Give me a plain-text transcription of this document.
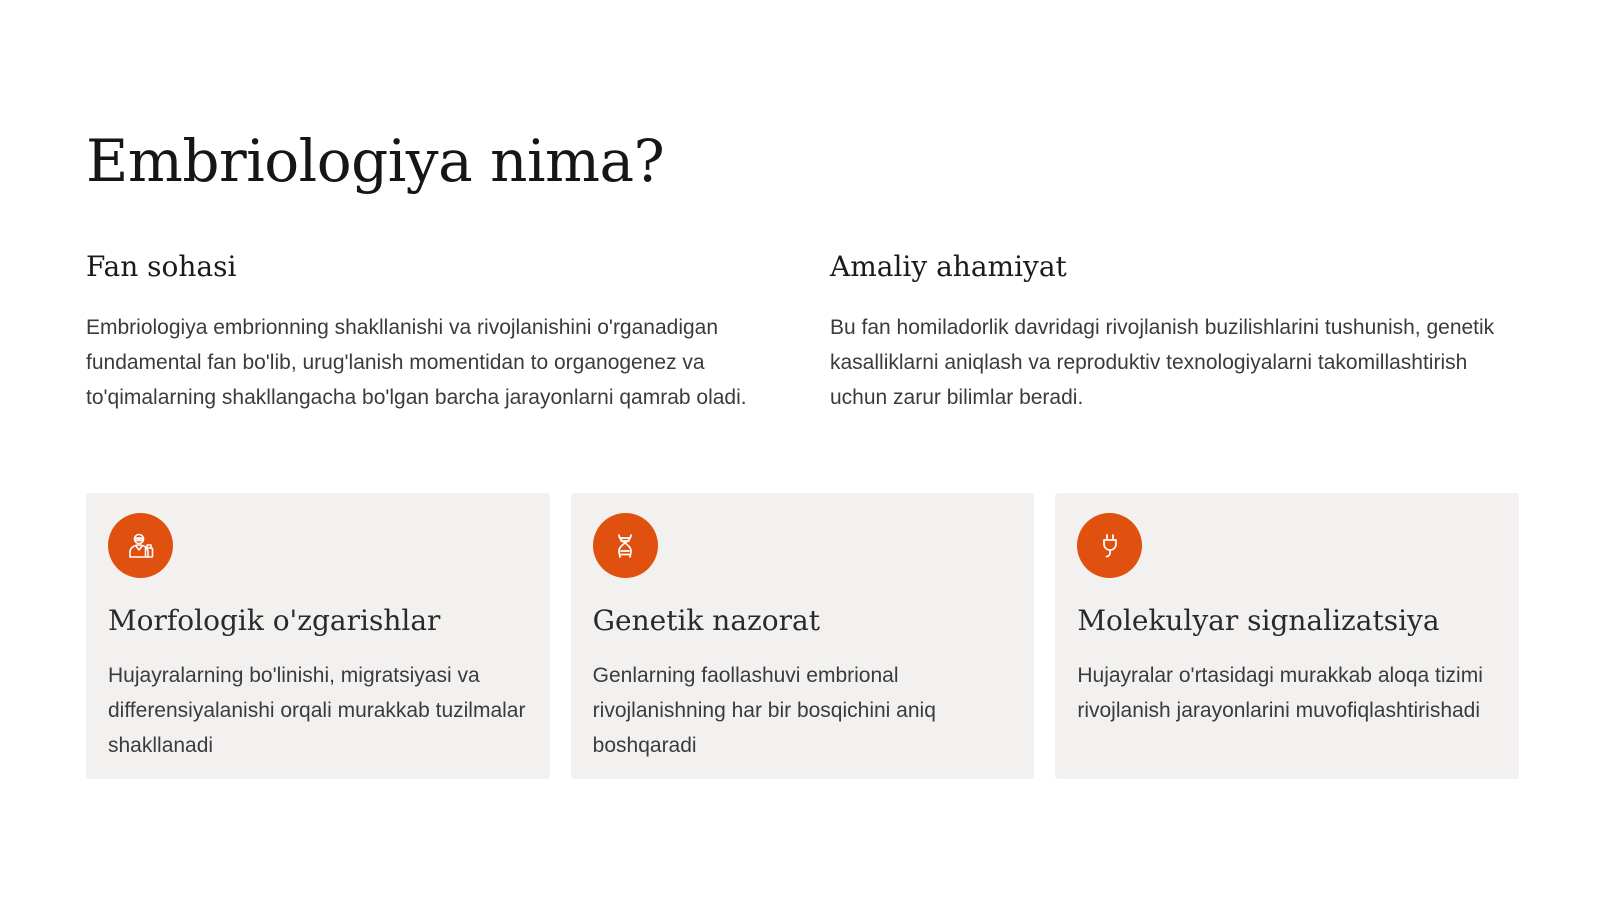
Embriologiya nima?
Fan sohasi

Embriologiya embrionning shakllanishi va rivojlanishini o'rganadigan fundamental fan bo'lib, urug'lanish momentidan to organogenez va to'qimalarning shakllangacha bo'lgan barcha jarayonlarni qamrab oladi.

Amaliy ahamiyat

Bu fan homiladorlik davridagi rivojlanish buzilishlarini tushunish, genetik kasalliklarni aniqlash va reproduktiv texnologiyalarni takomillashtirish uchun zarur bilimlar beradi.

Morfologik o'zgarishlar

Hujayralarning bo'linishi, migratsiyasi va differensiyalanishi orqali murakkab tuzilmalar shakllanadi

Genetik nazorat

Genlarning faollashuvi embrional rivojlanishning har bir bosqichini aniq boshqaradi

Molekulyar signalizatsiya

Hujayralar o'rtasidagi murakkab aloqa tizimi rivojlanish jarayonlarini muvofiqlashtirishadi
